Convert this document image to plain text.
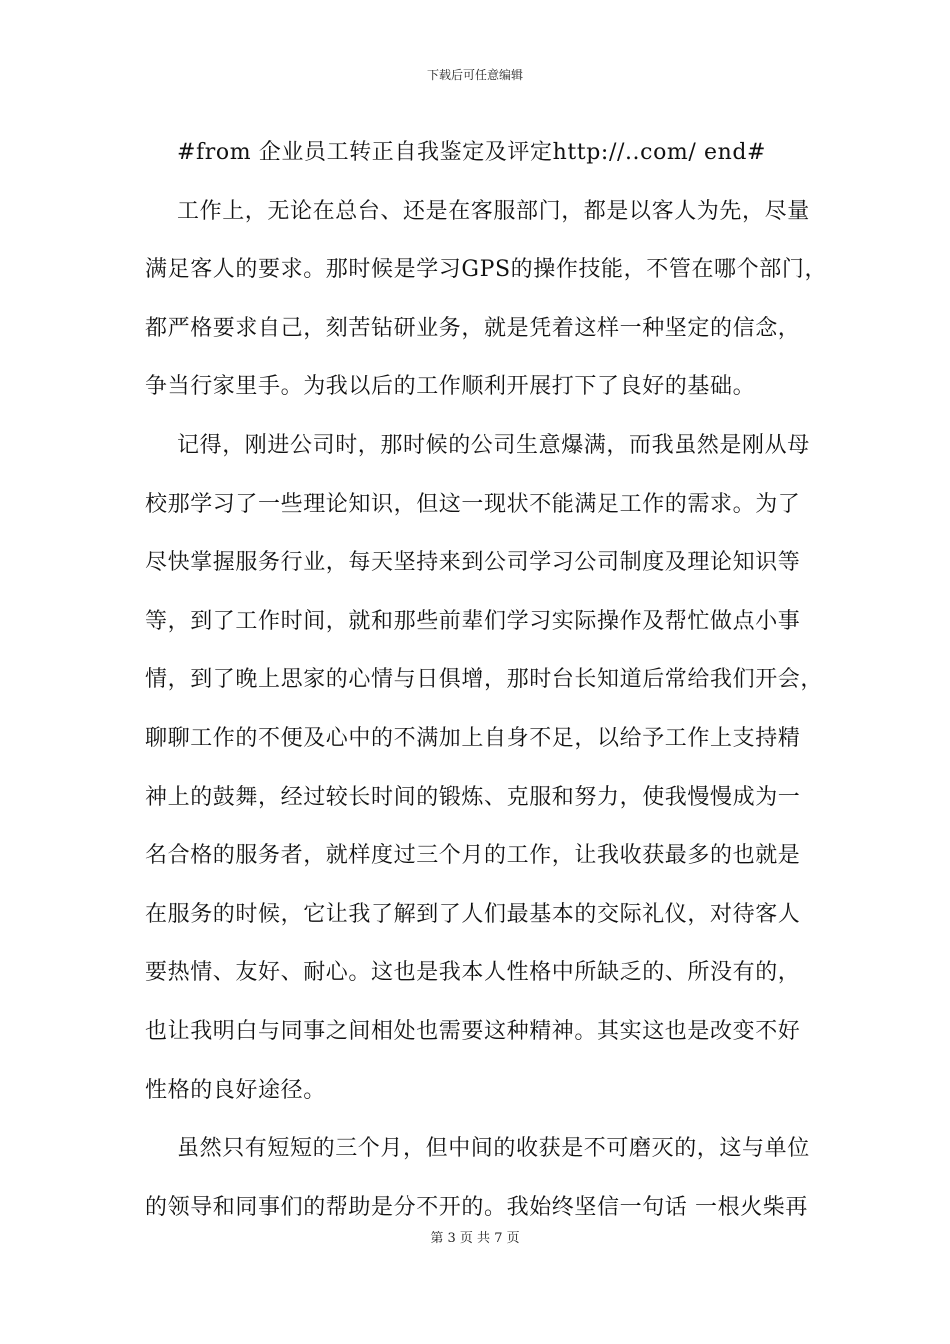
下载后可任意编辑
#from 企业员工转正自我鉴定及评定http://..com/ end#
工作上，无论在总台、还是在客服部门，都是以客人为先，尽量
满足客人的要求。那时候是学习GPS的操作技能，不管在哪个部门，
都严格要求自己，刻苦钻研业务，就是凭着这样一种坚定的信念，
争当行家里手。为我以后的工作顺利开展打下了良好的基础。
记得，刚进公司时，那时候的公司生意爆满，而我虽然是刚从母
校那学习了一些理论知识，但这一现状不能满足工作的需求。为了
尽快掌握服务行业，每天坚持来到公司学习公司制度及理论知识等
等，到了工作时间，就和那些前辈们学习实际操作及帮忙做点小事
情，到了晚上思家的心情与日俱增，那时台长知道后常给我们开会，
聊聊工作的不便及心中的不满加上自身不足，以给予工作上支持精
神上的鼓舞，经过较长时间的锻炼、克服和努力，使我慢慢成为一
名合格的服务者，就样度过三个月的工作，让我收获最多的也就是
在服务的时候，它让我了解到了人们最基本的交际礼仪，对待客人
要热情、友好、耐心。这也是我本人性格中所缺乏的、所没有的，
也让我明白与同事之间相处也需要这种精神。其实这也是改变不好
性格的良好途径。
虽然只有短短的三个月，但中间的收获是不可磨灭的，这与单位
的领导和同事们的帮助是分不开的。我始终坚信一句话 一根火柴再
第 3 页 共 7 页
